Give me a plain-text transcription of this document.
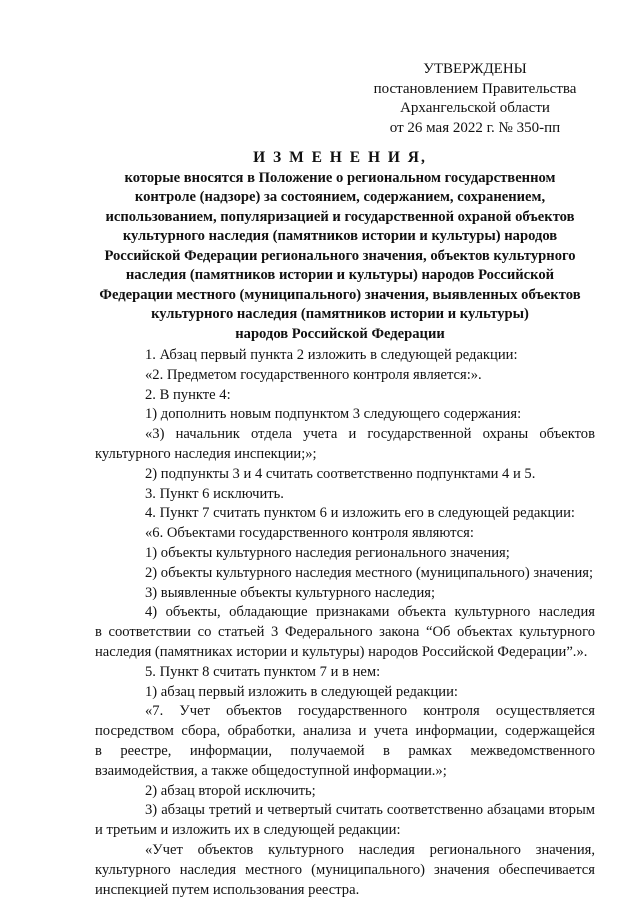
УТВЕРЖДЕНЫ
постановлением Правительства
Архангельской области
от 26 мая 2022 г. № 350-пп
И З М Е Н Е Н И Я,
которые вносятся в Положение о региональном государственном
контроле (надзоре) за состоянием, содержанием, сохранением,
использованием, популяризацией и государственной охраной объектов
культурного наследия (памятников истории и культуры) народов
Российской Федерации регионального значения, объектов культурного
наследия (памятников истории и культуры) народов Российской
Федерации местного (муниципального) значения, выявленных объектов
культурного наследия (памятников истории и культуры)
народов Российской Федерации
1. Абзац первый пункта 2 изложить в следующей редакции:
«2. Предметом государственного контроля является:».
2. В пункте 4:
1) дополнить новым подпунктом 3 следующего содержания:
«3) начальник отдела учета и государственной охраны объектов
культурного наследия инспекции;»;
2) подпункты 3 и 4 считать соответственно подпунктами 4 и 5.
3. Пункт 6 исключить.
4. Пункт 7 считать пунктом 6 и изложить его в следующей редакции:
«6. Объектами государственного контроля являются:
1) объекты культурного наследия регионального значения;
2) объекты культурного наследия местного (муниципального) значения;
3) выявленные объекты культурного наследия;
4) объекты, обладающие признаками объекта культурного наследия
в соответствии со статьей 3 Федерального закона “Об объектах культурного
наследия (памятниках истории и культуры) народов Российской Федерации”.».
5. Пункт 8 считать пунктом 7 и в нем:
1) абзац первый изложить в следующей редакции:
«7. Учет объектов государственного контроля осуществляется
посредством сбора, обработки, анализа и учета информации, содержащейся
в реестре, информации, получаемой в рамках межведомственного
взаимодействия, а также общедоступной информации.»;
2) абзац второй исключить;
3) абзацы третий и четвертый считать соответственно абзацами вторым
и третьим и изложить их в следующей редакции:
«Учет объектов культурного наследия регионального значения,
культурного наследия местного (муниципального) значения обеспечивается
инспекцией путем использования реестра.
